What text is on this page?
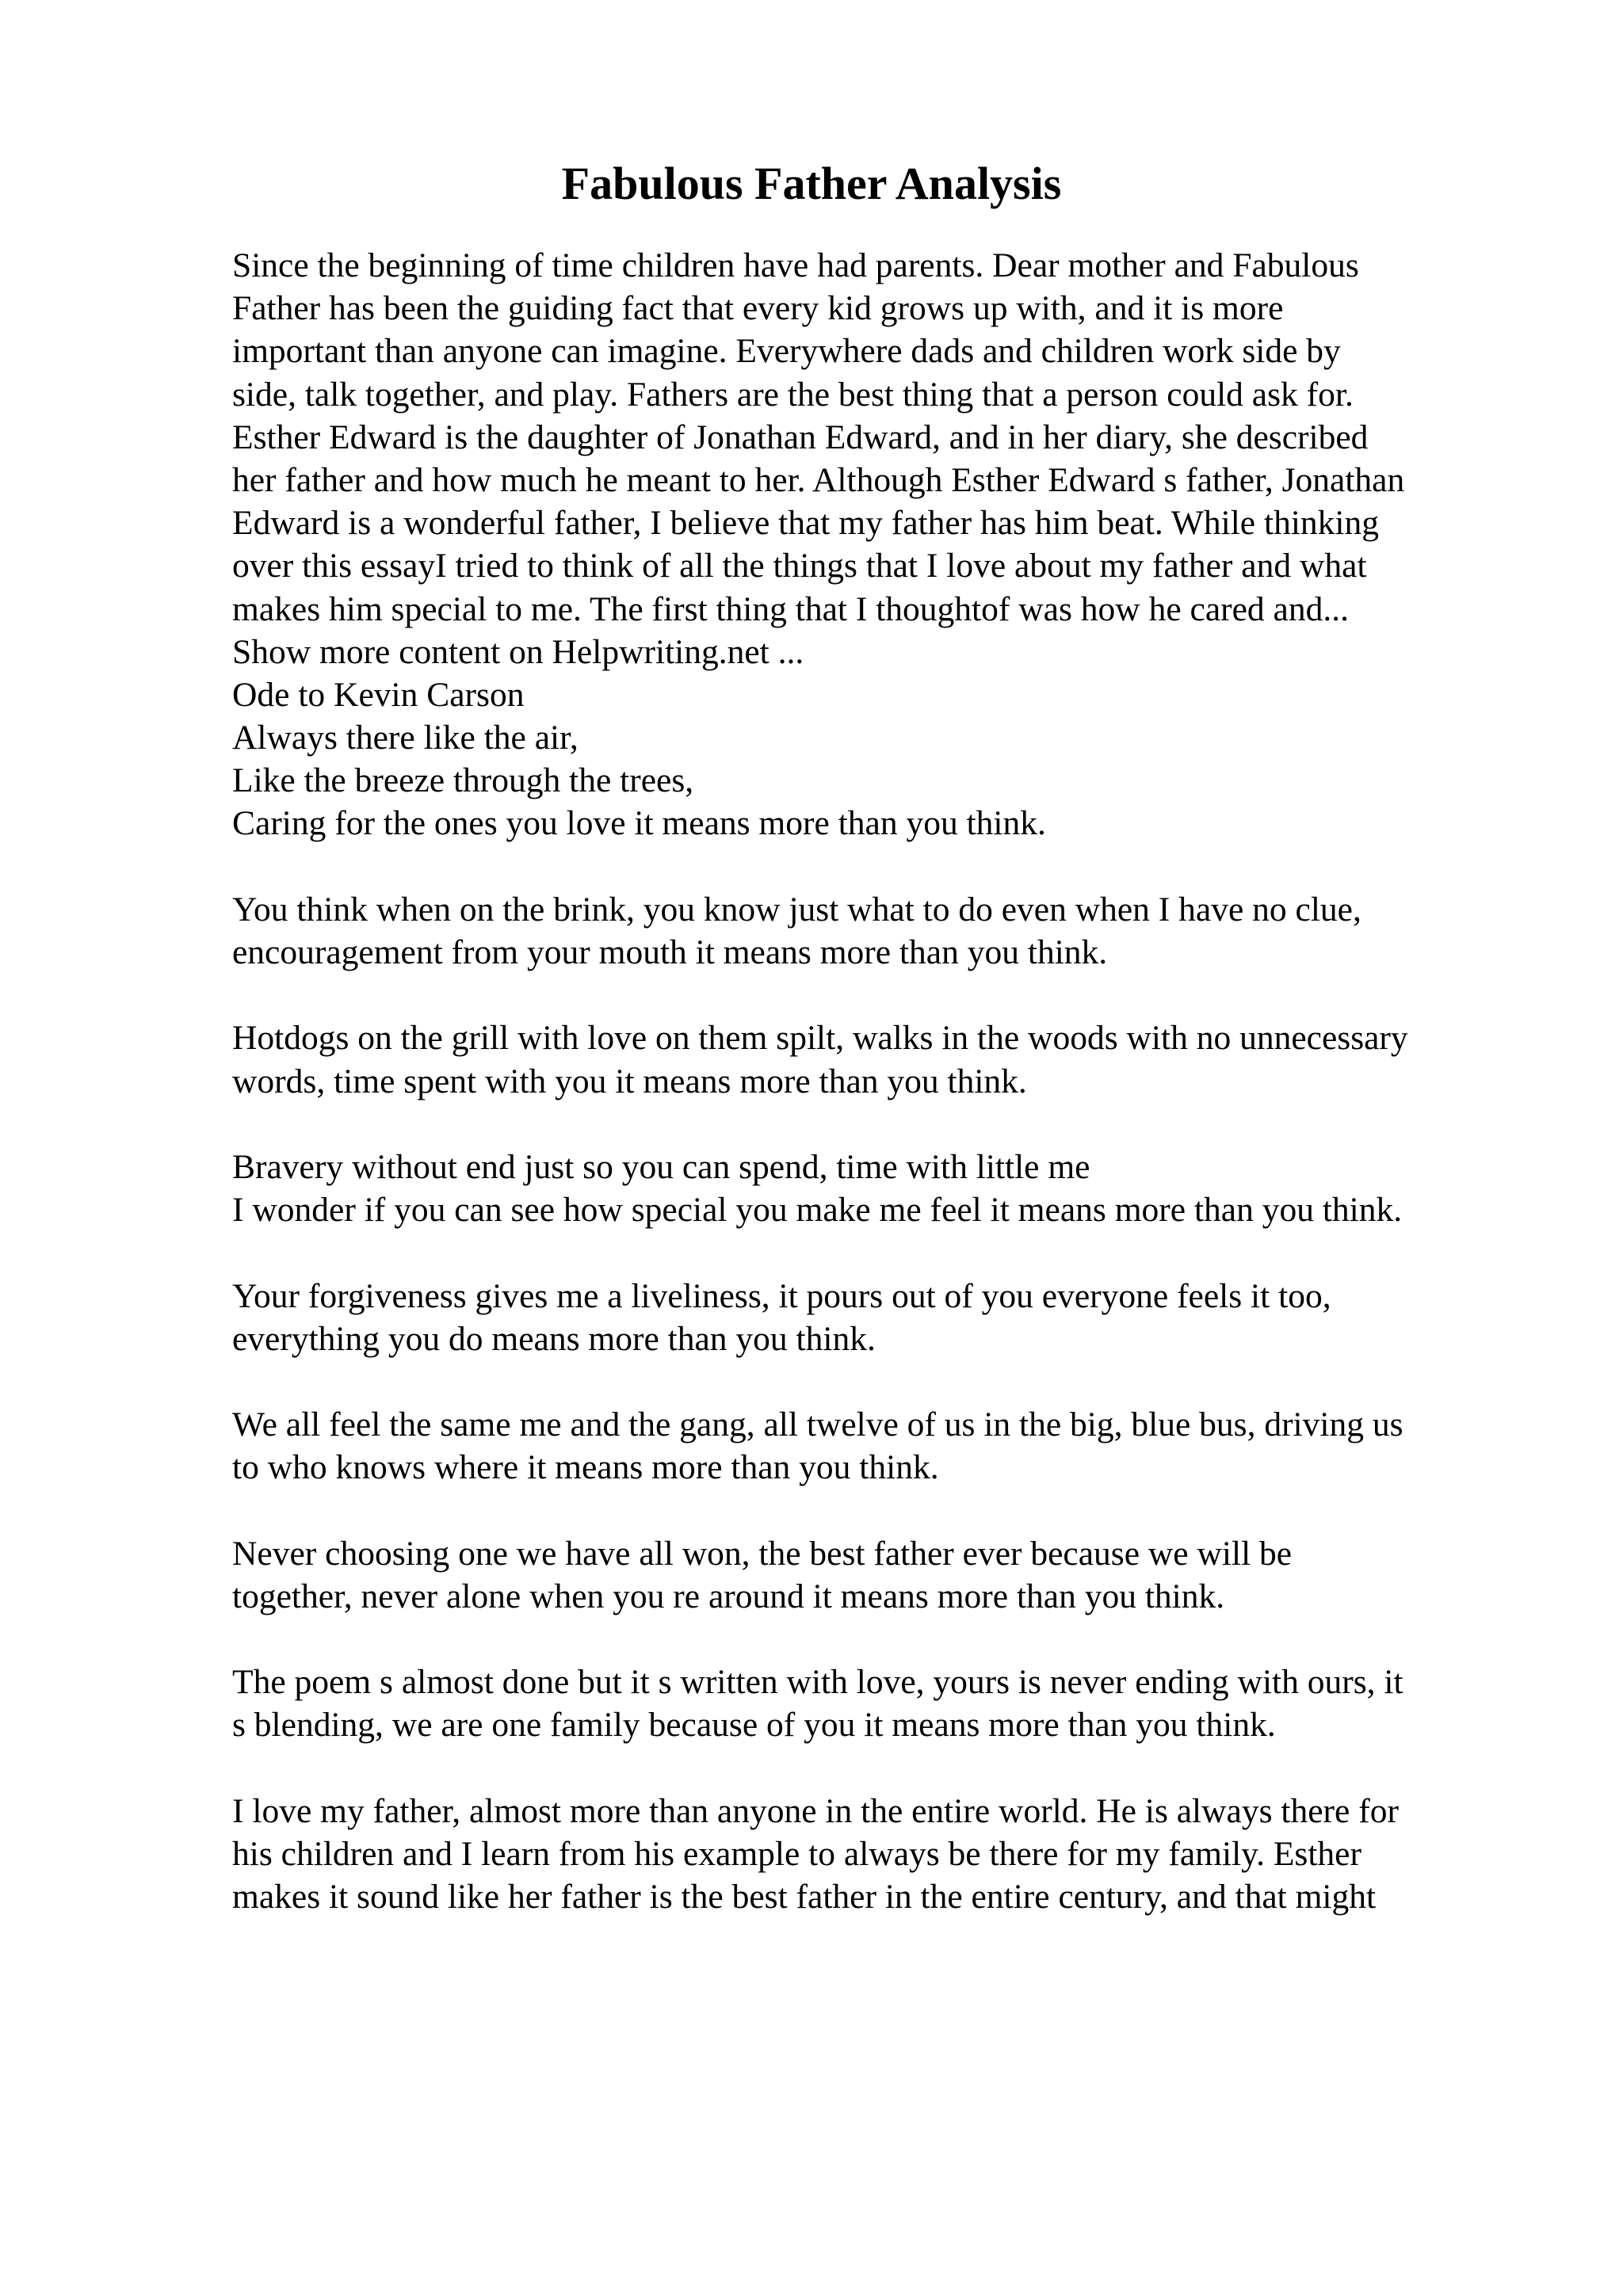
Fabulous Father Analysis
Since the beginning of time children have had parents. Dear mother and Fabulous
Father has been the guiding fact that every kid grows up with, and it is more
important than anyone can imagine. Everywhere dads and children work side by
side, talk together, and play. Fathers are the best thing that a person could ask for.
Esther Edward is the daughter of Jonathan Edward, and in her diary, she described
her father and how much he meant to her. Although Esther Edward s father, Jonathan
Edward is a wonderful father, I believe that my father has him beat. While thinking
over this essayI tried to think of all the things that I love about my father and what
makes him special to me. The first thing that I thoughtof was how he cared and...
Show more content on Helpwriting.net ...
Ode to Kevin Carson
Always there like the air,
Like the breeze through the trees,
Caring for the ones you love it means more than you think.
You think when on the brink, you know just what to do even when I have no clue,
encouragement from your mouth it means more than you think.
Hotdogs on the grill with love on them spilt, walks in the woods with no unnecessary
words, time spent with you it means more than you think.
Bravery without end just so you can spend, time with little me
I wonder if you can see how special you make me feel it means more than you think.
Your forgiveness gives me a liveliness, it pours out of you everyone feels it too,
everything you do means more than you think.
We all feel the same me and the gang, all twelve of us in the big, blue bus, driving us
to who knows where it means more than you think.
Never choosing one we have all won, the best father ever because we will be
together, never alone when you re around it means more than you think.
The poem s almost done but it s written with love, yours is never ending with ours, it
s blending, we are one family because of you it means more than you think.
I love my father, almost more than anyone in the entire world. He is always there for
his children and I learn from his example to always be there for my family. Esther
makes it sound like her father is the best father in the entire century, and that might
